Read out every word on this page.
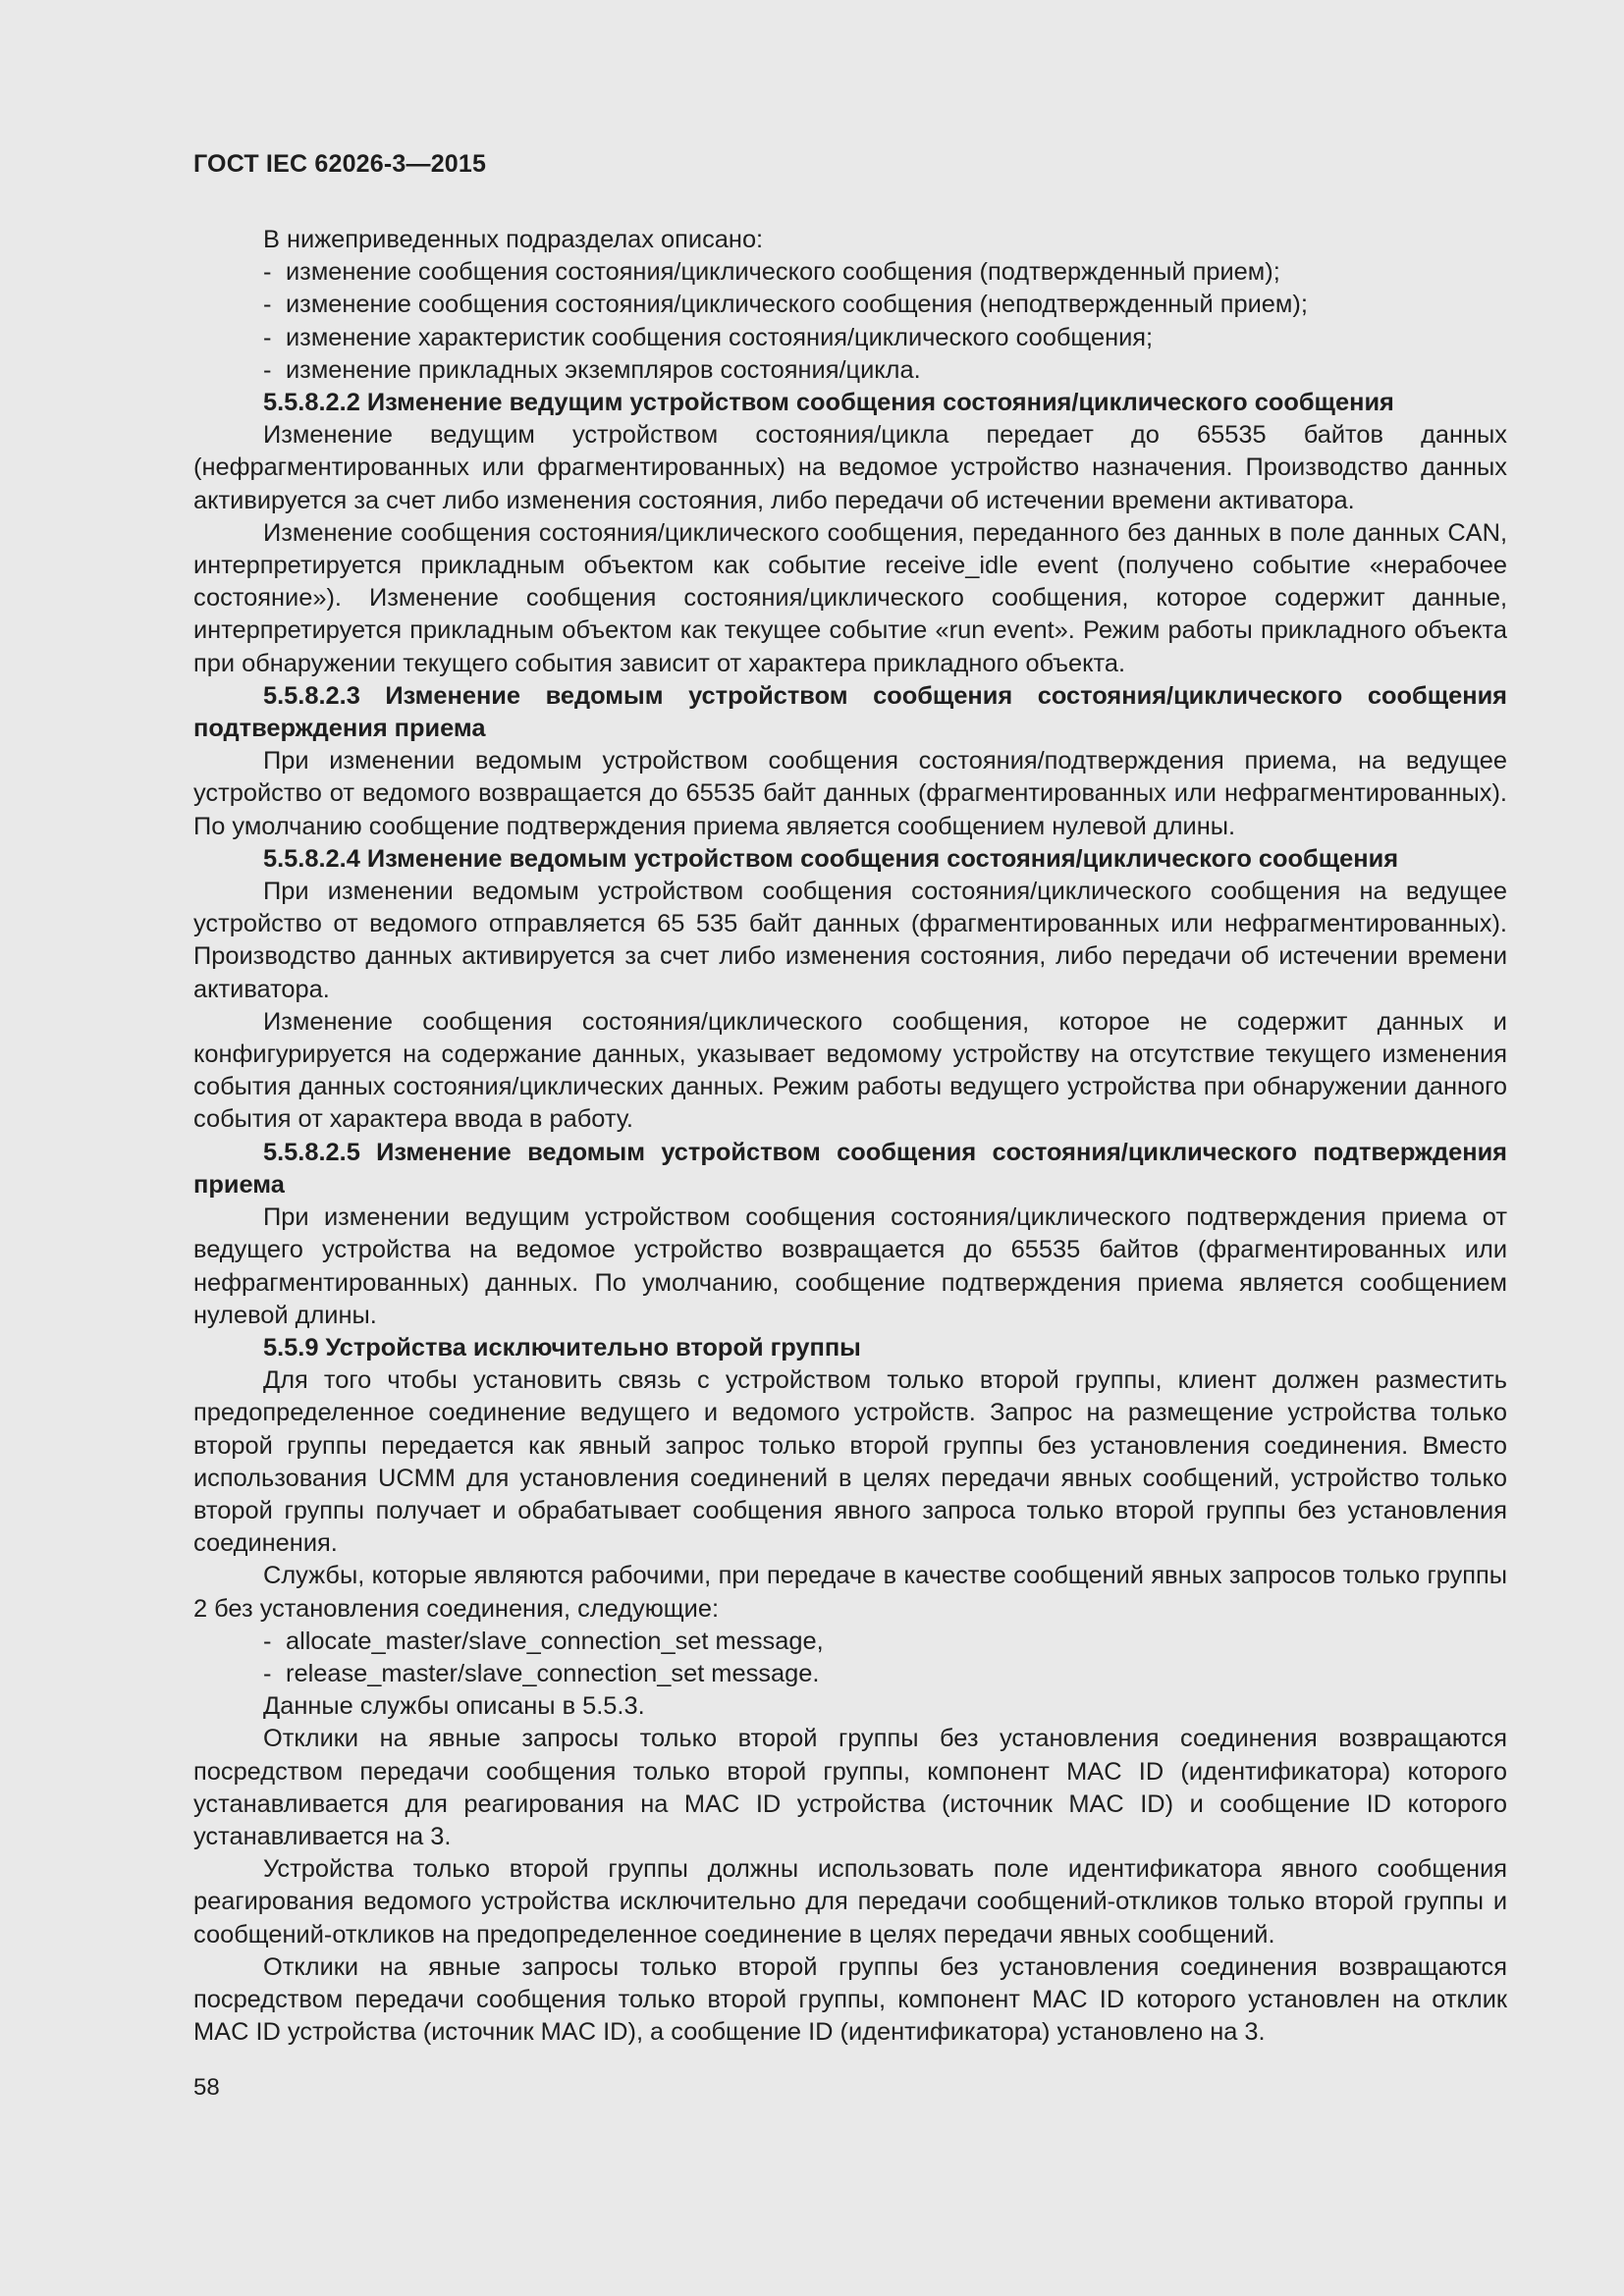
ГОСТ IEC 62026-3—2015

В нижеприведенных подразделах описано:

- изменение сообщения состояния/циклического сообщения (подтвержденный прием);

- изменение сообщения состояния/циклического сообщения (неподтвержденный прием);

- изменение характеристик сообщения состояния/циклического сообщения;

- изменение прикладных экземпляров состояния/цикла.

5.5.8.2.2 Изменение ведущим устройством сообщения состояния/циклического сообщения

Изменение ведущим устройством состояния/цикла передает до 65535 байтов данных (нефрагментированных или фрагментированных) на ведомое устройство назначения. Производство данных активируется за счет либо изменения состояния, либо передачи об истечении времени активатора.

Изменение сообщения состояния/циклического сообщения, переданного без данных в поле данных CAN, интерпретируется прикладным объектом как событие receive_idle event (получено событие «нерабочее состояние»). Изменение сообщения состояния/циклического сообщения, которое содержит данные, интерпретируется прикладным объектом как текущее событие «run event». Режим работы прикладного объекта при обнаружении текущего события зависит от характера прикладного объекта.

5.5.8.2.3 Изменение ведомым устройством сообщения состояния/циклического сообщения подтверждения приема

При изменении ведомым устройством сообщения состояния/подтверждения приема, на ведущее устройство от ведомого возвращается до 65535 байт данных (фрагментированных или нефрагментированных). По умолчанию сообщение подтверждения приема является сообщением нулевой длины.

5.5.8.2.4 Изменение ведомым устройством сообщения состояния/циклического сообщения

При изменении ведомым устройством сообщения состояния/циклического сообщения на ведущее устройство от ведомого отправляется 65 535 байт данных (фрагментированных или нефрагментированных). Производство данных активируется за счет либо изменения состояния, либо передачи об истечении времени активатора.

Изменение сообщения состояния/циклического сообщения, которое не содержит данных и конфигурируется на содержание данных, указывает ведомому устройству на отсутствие текущего изменения события данных состояния/циклических данных. Режим работы ведущего устройства при обнаружении данного события от характера ввода в работу.

5.5.8.2.5 Изменение ведомым устройством сообщения состояния/циклического подтверждения приема

При изменении ведущим устройством сообщения состояния/циклического подтверждения приема от ведущего устройства на ведомое устройство возвращается до 65535 байтов (фрагментированных или нефрагментированных) данных. По умолчанию, сообщение подтверждения приема является сообщением нулевой длины.

5.5.9 Устройства исключительно второй группы

Для того чтобы установить связь с устройством только второй группы, клиент должен разместить предопределенное соединение ведущего и ведомого устройств. Запрос на размещение устройства только второй группы передается как явный запрос только второй группы без установления соединения. Вместо использования UCMM для установления соединений в целях передачи явных сообщений, устройство только второй группы получает и обрабатывает сообщения явного запроса только второй группы без установления соединения.

Службы, которые являются рабочими, при передаче в качестве сообщений явных запросов только группы 2 без установления соединения, следующие:

- allocate_master/slave_connection_set message,

- release_master/slave_connection_set message.

Данные службы описаны в 5.5.3.

Отклики на явные запросы только второй группы без установления соединения возвращаются посредством передачи сообщения только второй группы, компонент MAC ID (идентификатора) которого устанавливается для реагирования на MAC ID устройства (источник MAC ID) и сообщение ID которого устанавливается на 3.

Устройства только второй группы должны использовать поле идентификатора явного сообщения реагирования ведомого устройства исключительно для передачи сообщений-откликов только второй группы и сообщений-откликов на предопределенное соединение в целях передачи явных сообщений.

Отклики на явные запросы только второй группы без установления соединения возвращаются посредством передачи сообщения только второй группы, компонент MAC ID которого установлен на отклик MAC ID устройства (источник MAC ID), а сообщение ID (идентификатора) установлено на 3.

58
